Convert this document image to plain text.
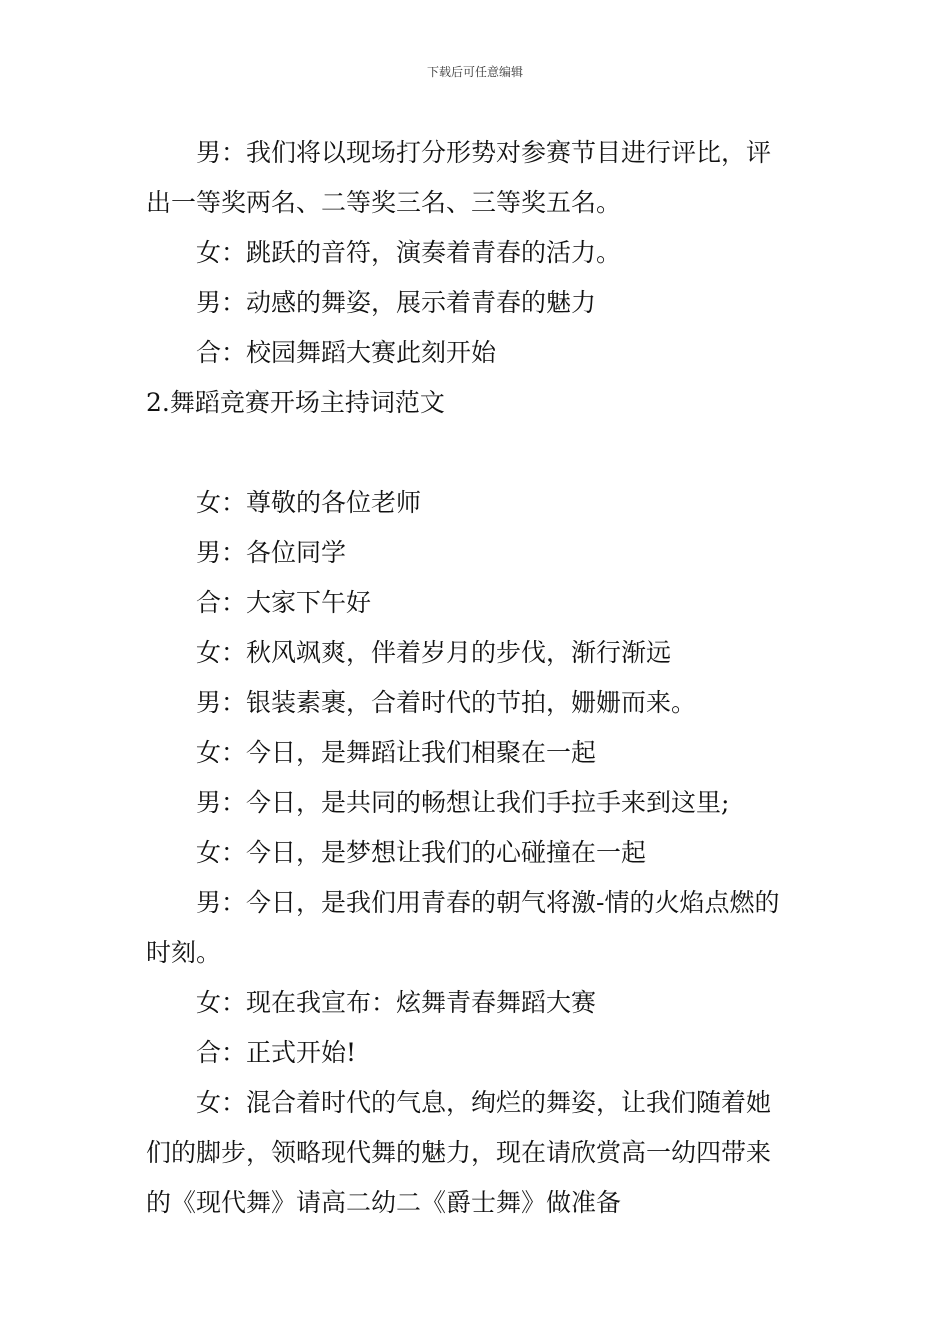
下载后可任意编辑

男：我们将以现场打分形势对参赛节目进行评比，评

出一等奖两名、二等奖三名、三等奖五名。

女：跳跃的音符，演奏着青春的活力。

男：动感的舞姿，展示着青春的魅力

合：校园舞蹈大赛此刻开始

2.舞蹈竞赛开场主持词范文

女：尊敬的各位老师

男：各位同学

合：大家下午好

女：秋风飒爽，伴着岁月的步伐，渐行渐远

男：银装素裹，合着时代的节拍，姗姗而来。

女：今日，是舞蹈让我们相聚在一起

男：今日，是共同的畅想让我们手拉手来到这里;

女：今日，是梦想让我们的心碰撞在一起

男：今日，是我们用青春的朝气将激-情的火焰点燃的

时刻。

女：现在我宣布：炫舞青春舞蹈大赛

合：正式开始!

女：混合着时代的气息，绚烂的舞姿，让我们随着她

们的脚步，领略现代舞的魅力，现在请欣赏高一幼四带来

的《现代舞》请高二幼二《爵士舞》做准备
